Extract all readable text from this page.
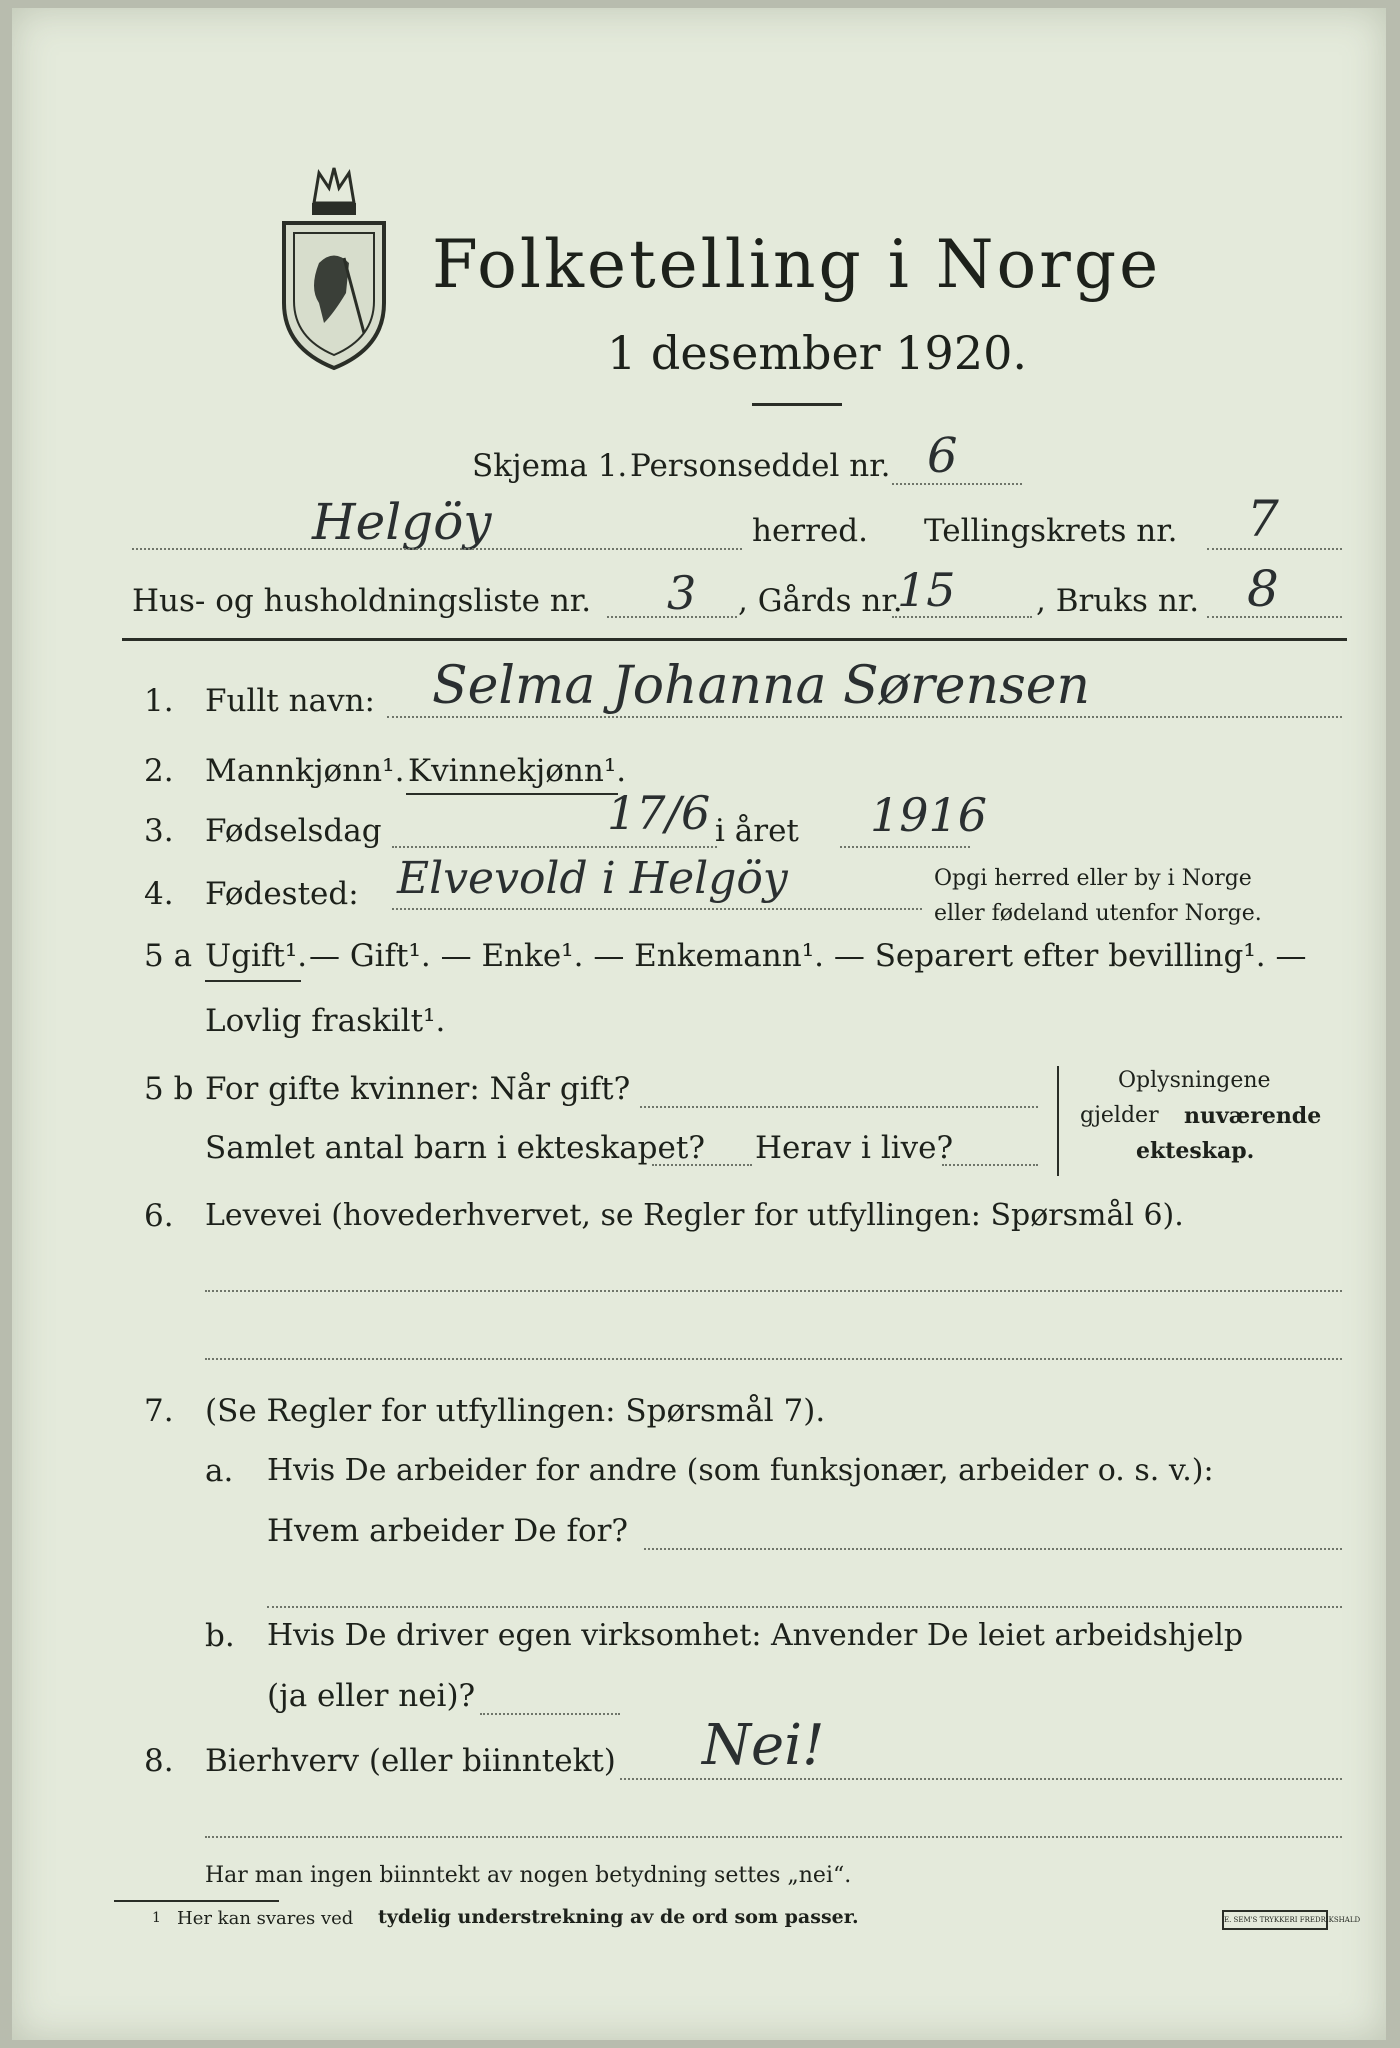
Folketelling i Norge
1 desember 1920.
Skjema 1. Personseddel nr. 6
Helgöy	herred. Tellingskrets nr. 7
Hus- og husholdningsliste nr. 3 , Gårds nr.
15	, Bruks nr. 8
1. Fullt navn: Selma Johanna Sørensen
2. Mannkjønn¹. Kvinnekjønn¹.
3. Fødselsdag	17/6 i året 1916
4. Fødested: Elvevold i Helgöy	Opgi herred eller by i Norge
eller fødeland utenfor Norge.
5 a Ugift¹. — Gift¹. — Enke¹. — Enkemann¹. — Separert efter bevilling¹. —
Lovlig fraskilt¹.
5 b For gifte kvinner: Når gift?
Samlet antal barn i ekteskapet? Herav i live?
Oplysningene
gjelder nuværende
ekteskap.
6. Levevei (hovederhvervet, se Regler for utfyllingen: Spørsmål 6).
7. (Se Regler for utfyllingen: Spørsmål 7).
a. Hvis De arbeider for andre (som funksjonær, arbeider o. s. v.):
Hvem arbeider De for?
b. Hvis De driver egen virksomhet: Anvender De leiet arbeidshjelp
(ja eller nei)?
8. Bierhverv (eller biinntekt) Nei!
Har man ingen biinntekt av nogen betydning settes „nei“.
1 Her kan svares ved tydelig understrekning av de ord som passer.	E. SEM'S TRYKKERI FREDRIKSHALD
